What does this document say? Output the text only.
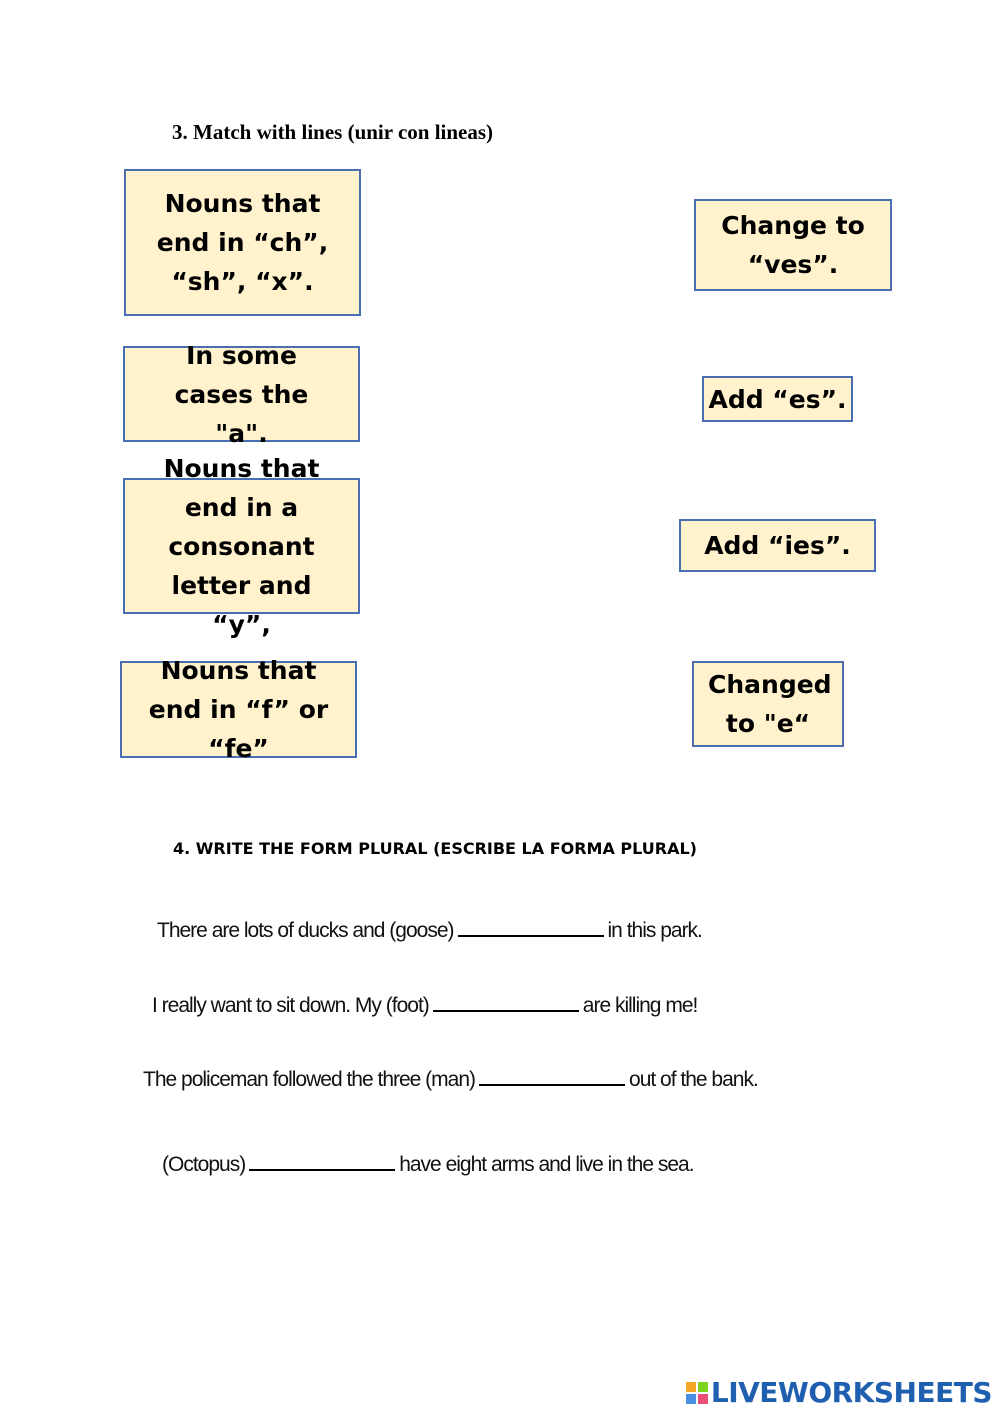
3. Match with lines (unir con lineas)
Nouns that end in “ch”, “sh”, “x”.
In some cases the "a".
Nouns that end in a consonant letter and “y”,
Nouns that end in “f” or “fe”
Change to “ves”.
Add “es”.
Add “ies”.
Changed to "e“
4. WRITE THE FORM PLURAL (ESCRIBE LA FORMA PLURAL)
There are lots of ducks and (goose)	in this park.
I really want to sit down. My (foot)	are killing me!
The policeman followed the three (man)	out of the bank.
(Octopus)	have eight arms and live in the sea.
LIVEWORKSHEETS
